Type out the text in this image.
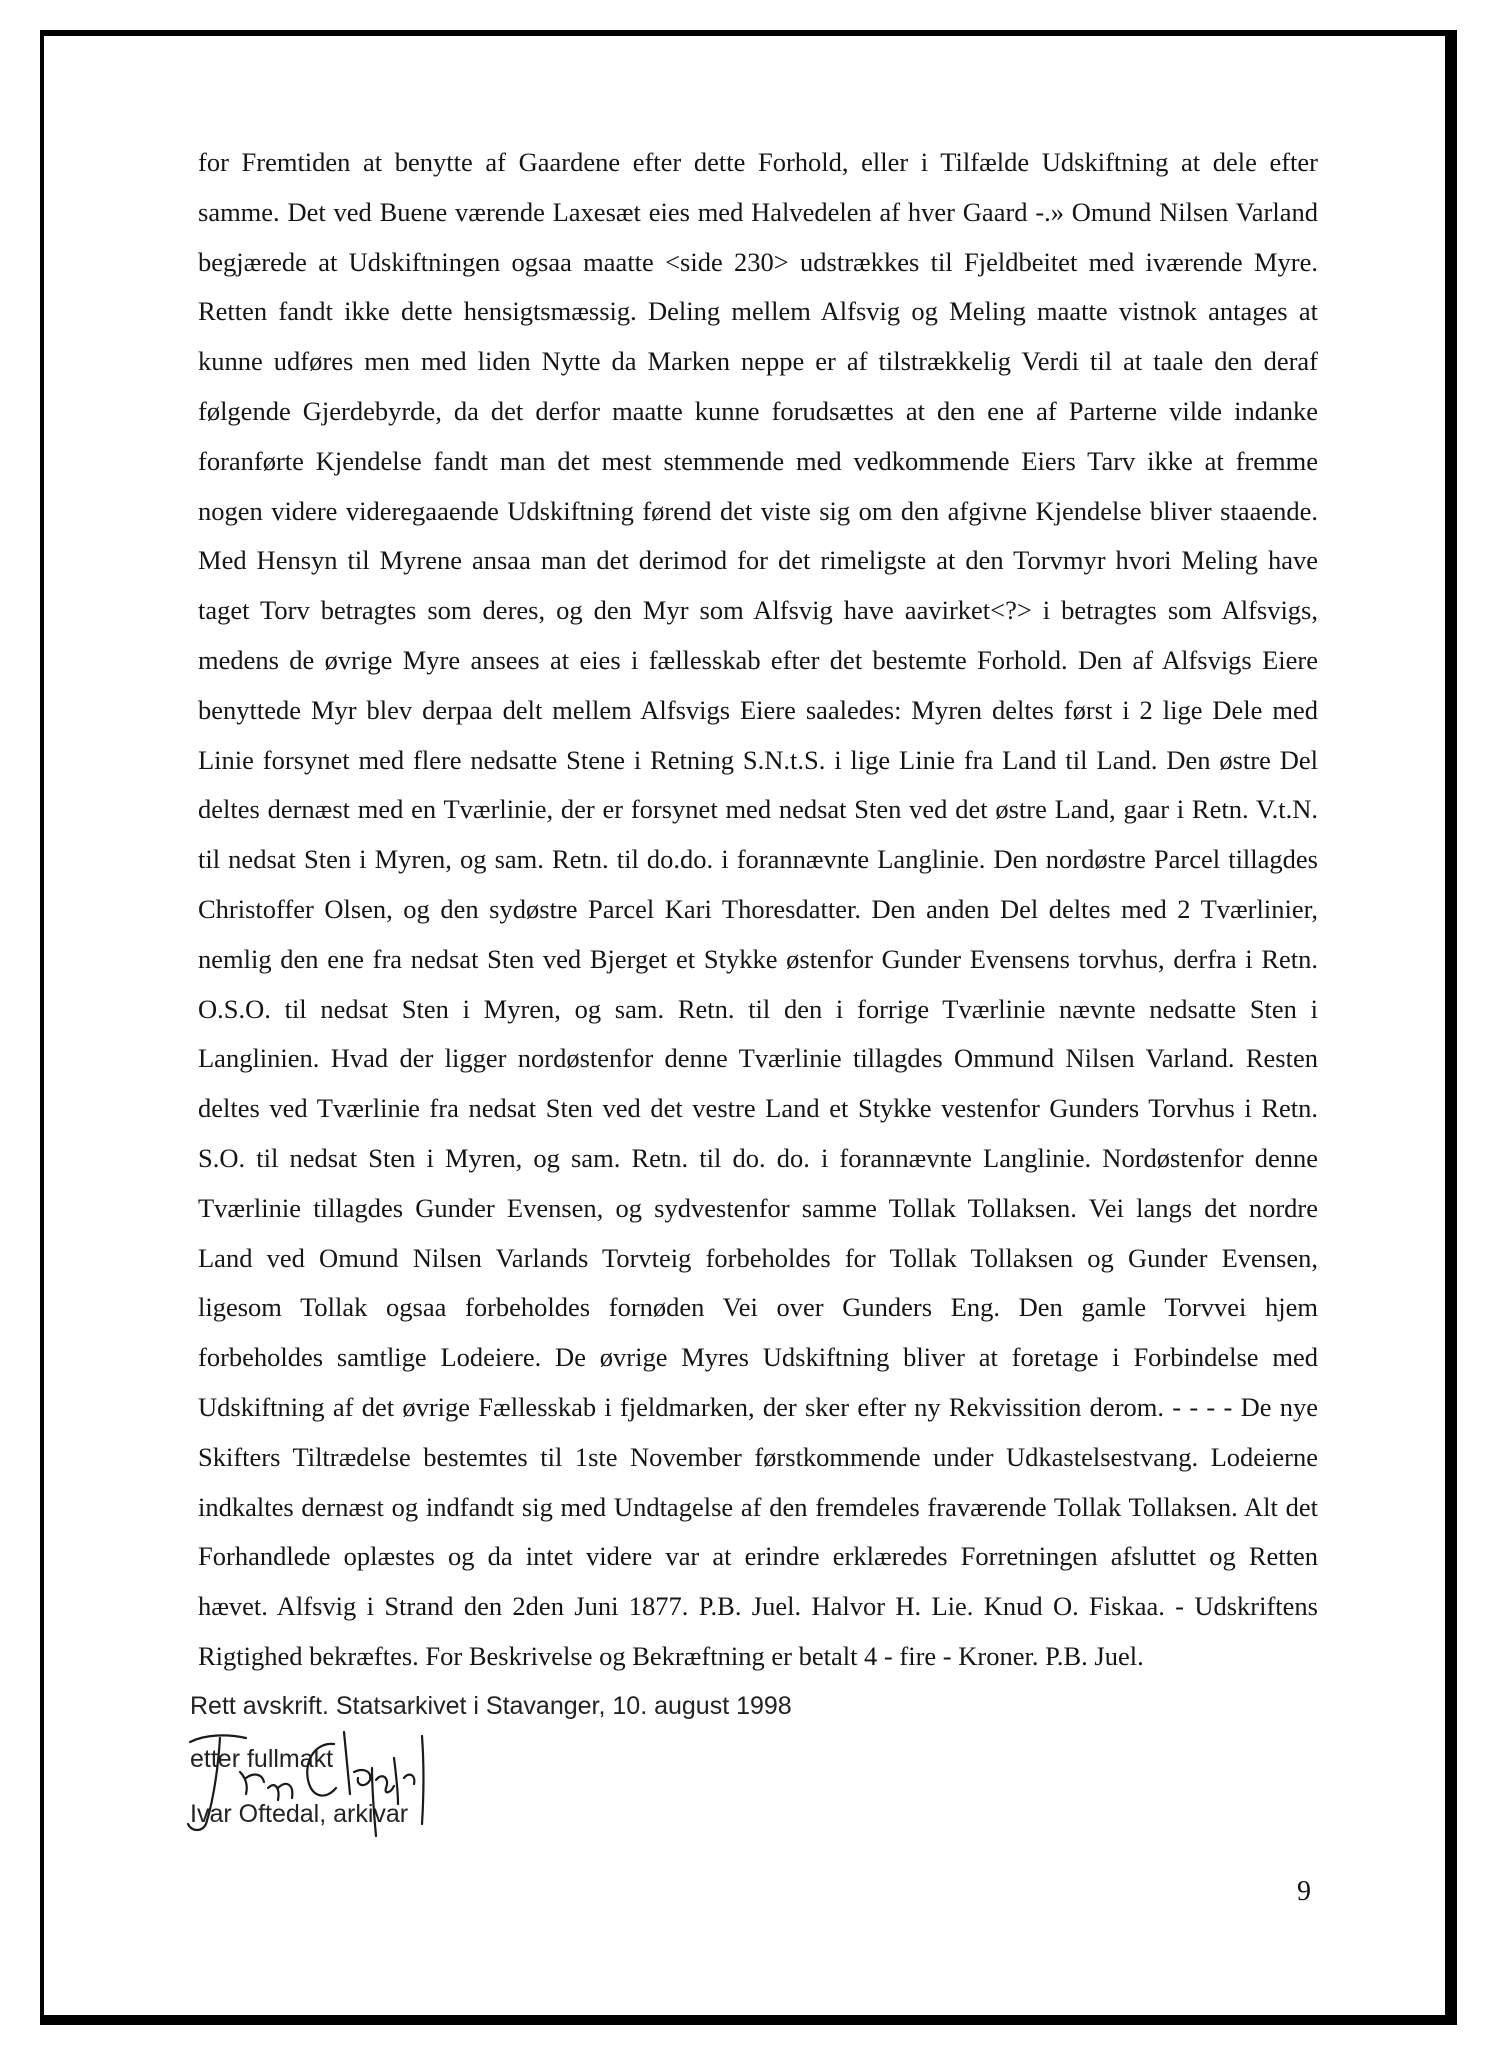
for Fremtiden at benytte af Gaardene efter dette Forhold, eller i Tilfælde Udskiftning at dele efter
samme. Det ved Buene værende Laxesæt eies med Halvedelen af hver Gaard -.» Omund Nilsen Varland
begjærede at Udskiftningen ogsaa maatte <side 230> udstrækkes til Fjeldbeitet med iværende Myre.
Retten fandt ikke dette hensigtsmæssig. Deling mellem Alfsvig og Meling maatte vistnok antages at
kunne udføres men med liden Nytte da Marken neppe er af tilstrækkelig Verdi til at taale den deraf
følgende Gjerdebyrde, da det derfor maatte kunne forudsættes at den ene af Parterne vilde indanke
foranførte Kjendelse fandt man det mest stemmende med vedkommende Eiers Tarv ikke at fremme
nogen videre videregaaende Udskiftning førend det viste sig om den afgivne Kjendelse bliver staaende.
Med Hensyn til Myrene ansaa man det derimod for det rimeligste at den Torvmyr hvori Meling have
taget Torv betragtes som deres, og den Myr som Alfsvig have aavirket<?> i betragtes som Alfsvigs,
medens de øvrige Myre ansees at eies i fællesskab efter det bestemte Forhold. Den af Alfsvigs Eiere
benyttede Myr blev derpaa delt mellem Alfsvigs Eiere saaledes: Myren deltes først i 2 lige Dele med
Linie forsynet med flere nedsatte Stene i Retning S.N.t.S. i lige Linie fra Land til Land. Den østre Del
deltes dernæst med en Tværlinie, der er forsynet med nedsat Sten ved det østre Land, gaar i Retn. V.t.N.
til nedsat Sten i Myren, og sam. Retn. til do.do. i forannævnte Langlinie. Den nordøstre Parcel tillagdes
Christoffer Olsen, og den sydøstre Parcel Kari Thoresdatter. Den anden Del deltes med 2 Tværlinier,
nemlig den ene fra nedsat Sten ved Bjerget et Stykke østenfor Gunder Evensens torvhus, derfra i Retn.
O.S.O. til nedsat Sten i Myren, og sam. Retn. til den i forrige Tværlinie nævnte nedsatte Sten i
Langlinien. Hvad der ligger nordøstenfor denne Tværlinie tillagdes Ommund Nilsen Varland. Resten
deltes ved Tværlinie fra nedsat Sten ved det vestre Land et Stykke vestenfor Gunders Torvhus i Retn.
S.O. til nedsat Sten i Myren, og sam. Retn. til do. do. i forannævnte Langlinie. Nordøstenfor denne
Tværlinie tillagdes Gunder Evensen, og sydvestenfor samme Tollak Tollaksen. Vei langs det nordre
Land ved Omund Nilsen Varlands Torvteig forbeholdes for Tollak Tollaksen og Gunder Evensen,
ligesom Tollak ogsaa forbeholdes fornøden Vei over Gunders Eng. Den gamle Torvvei hjem
forbeholdes samtlige Lodeiere. De øvrige Myres Udskiftning bliver at foretage i Forbindelse med
Udskiftning af det øvrige Fællesskab i fjeldmarken, der sker efter ny Rekvissition derom. - - - - De nye
Skifters Tiltrædelse bestemtes til 1ste November førstkommende under Udkastelsestvang. Lodeierne
indkaltes dernæst og indfandt sig med Undtagelse af den fremdeles fraværende Tollak Tollaksen. Alt det
Forhandlede oplæstes og da intet videre var at erindre erklæredes Forretningen afsluttet og Retten
hævet. Alfsvig i Strand den 2den Juni 1877. P.B. Juel. Halvor H. Lie. Knud O. Fiskaa. - Udskriftens
Rigtighed bekræftes. For Beskrivelse og Bekræftning er betalt 4 - fire - Kroner. P.B. Juel.
Rett avskrift. Statsarkivet i Stavanger, 10. august 1998
etter fullmakt
Ivar Oftedal, arkivar
9
